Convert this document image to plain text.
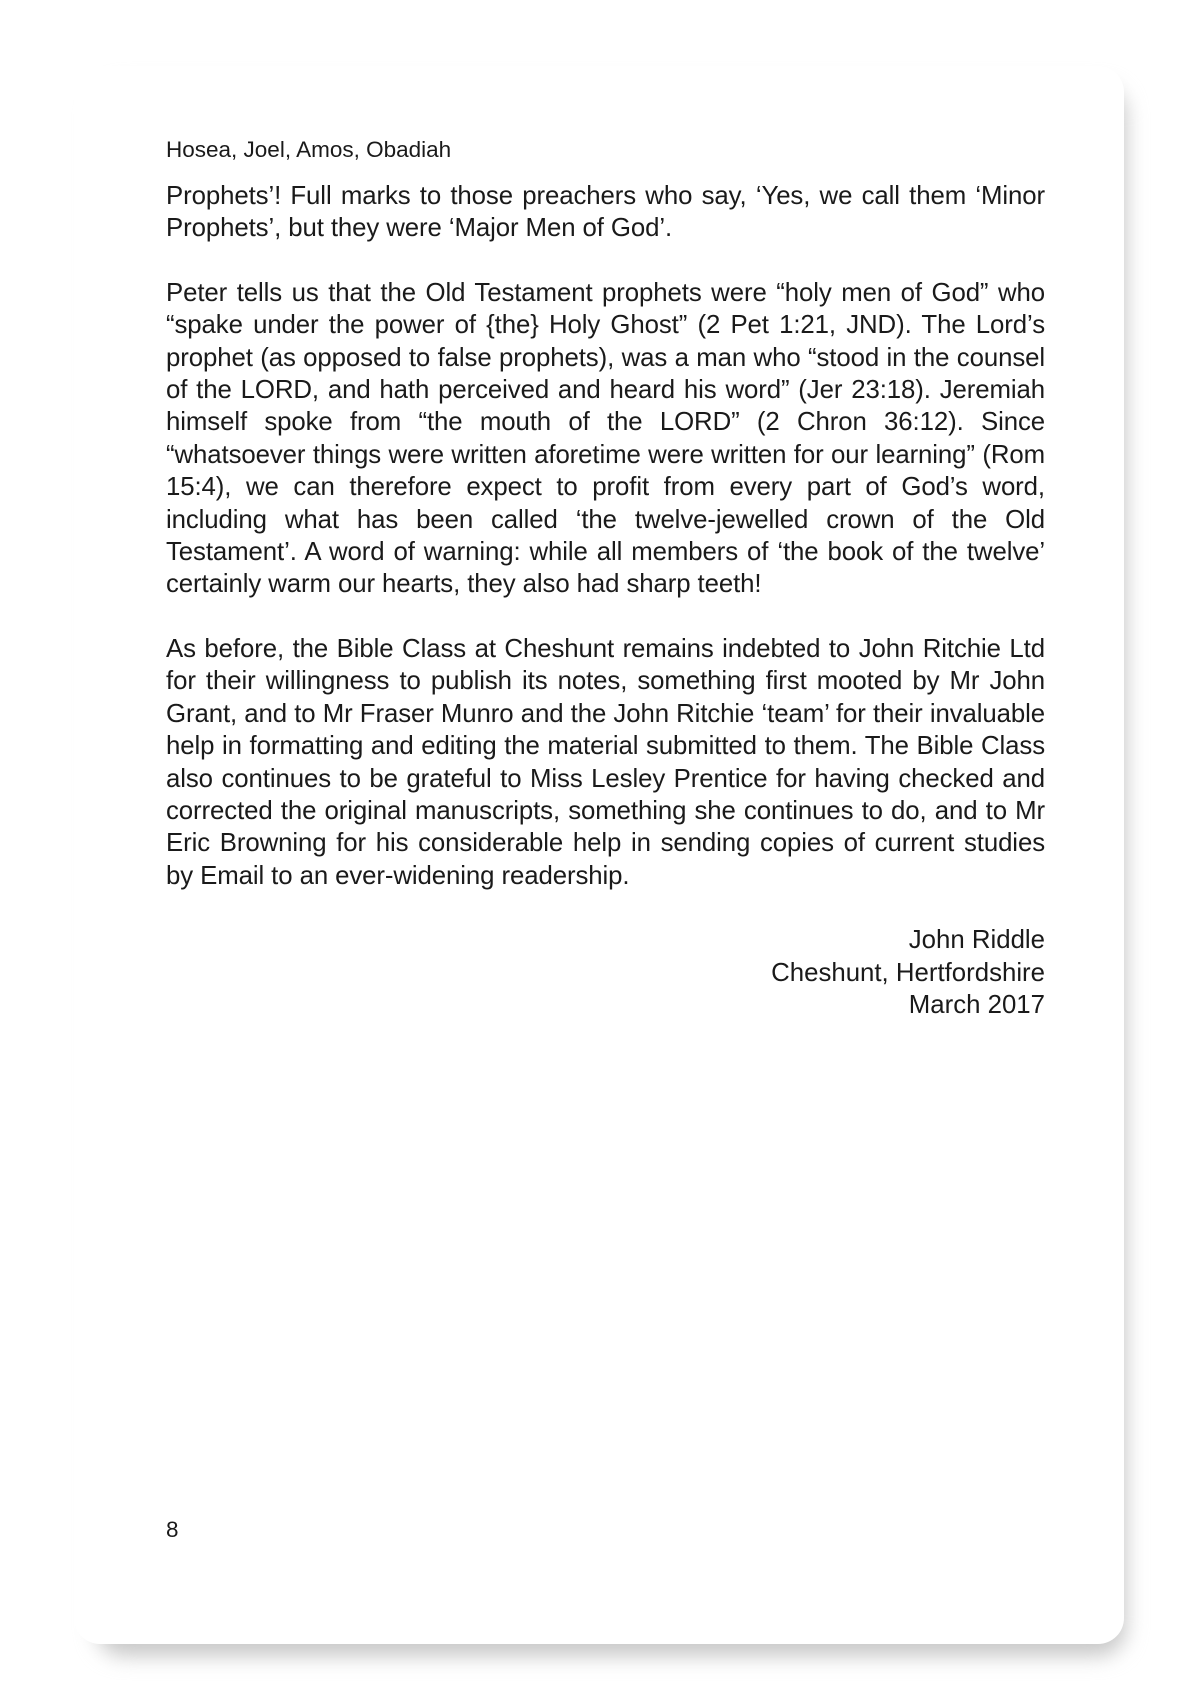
Hosea, Joel, Amos, Obadiah

Prophets’! Full marks to those preachers who say, ‘Yes, we call them ‘Minor Prophets’, but they were ‘Major Men of God’.

Peter tells us that the Old Testament prophets were “holy men of God” who “spake under the power of {the} Holy Ghost” (2 Pet 1:21, JND). The Lord’s prophet (as opposed to false prophets), was a man who “stood in the counsel of the LORD, and hath perceived and heard his word” (Jer 23:18). Jeremiah himself spoke from “the mouth of the LORD” (2 Chron 36:12). Since “whatsoever things were written aforetime were written for our learning” (Rom 15:4), we can therefore expect to profit from every part of God’s word, including what has been called ‘the twelve-jewelled crown of the Old Testament’. A word of warning: while all members of ‘the book of the twelve’ certainly warm our hearts, they also had sharp teeth!

As before, the Bible Class at Cheshunt remains indebted to John Ritchie Ltd for their willingness to publish its notes, something first mooted by Mr John Grant, and to Mr Fraser Munro and the John Ritchie ‘team’ for their invaluable help in formatting and editing the material submitted to them. The Bible Class also continues to be grateful to Miss Lesley Prentice for having checked and corrected the original manuscripts, something she continues to do, and to Mr Eric Browning for his considerable help in sending copies of current studies by Email to an ever-widening readership.

John Riddle
Cheshunt, Hertfordshire
March 2017
8
